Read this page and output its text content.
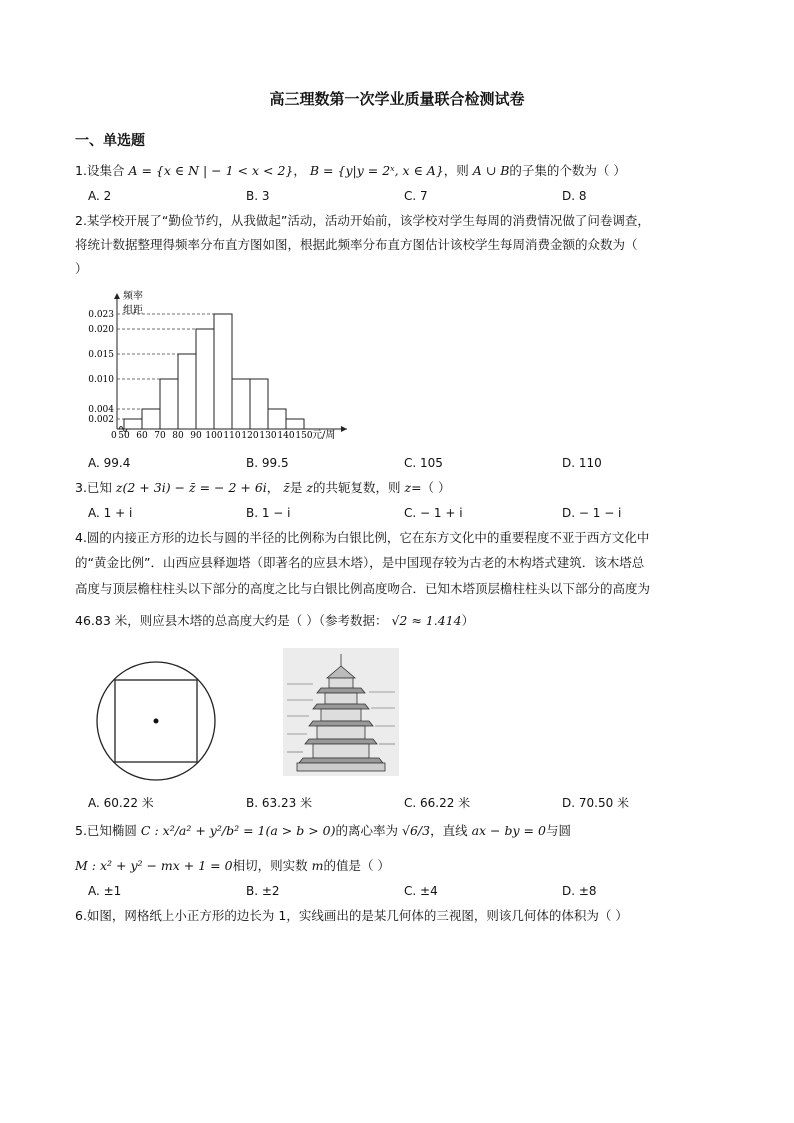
高三理数第一次学业质量联合检测试卷
一、单选题
1.设集合 A = {x ∈ N | − 1 < x < 2}， B = {y|y = 2ˣ, x ∈ A}，则 A ∪ B的子集的个数为（ ）
A. 2	B. 3	C. 7	D. 8
2.某学校开展了“勤俭节约，从我做起”活动，活动开始前，该学校对学生每周的消费情况做了问卷调查，
将统计数据整理得频率分布直方图如图，根据此频率分布直方图估计该校学生每周消费金额的众数为（
）
0.002
0.004
0.010
0.015
0.020
0.023
50 60 70 80 90 100 110 120 130 140 150
频率
组距
元/周
0
A. 99.4	B. 99.5	C. 105	D. 110
3.已知 z(2 + 3i) − z̄ = − 2 + 6i， z̄是 z的共轭复数，则 z=（ ）
A. 1 + i	B. 1 − i	C. − 1 + i	D. − 1 − i
4.圆的内接正方形的边长与圆的半径的比例称为白银比例，它在东方文化中的重要程度不亚于西方文化中
的“黄金比例”．山西应县释迦塔（即著名的应县木塔），是中国现存较为古老的木构塔式建筑．该木塔总
高度与顶层檐柱柱头以下部分的高度之比与白银比例高度吻合．已知木塔顶层檐柱柱头以下部分的高度为
46.83 米，则应县木塔的总高度大约是（ ）（参考数据： √2 ≈ 1.414）
A. 60.22 米	B. 63.23 米	C. 66.22 米	D. 70.50 米
5.已知椭圆 C : x²/a² + y²/b² = 1(a > b > 0)的离心率为 √6/3，直线 ax − by = 0与圆
M : x² + y² − mx + 1 = 0相切，则实数 m的值是（ ）
A. ±1	B. ±2	C. ±4	D. ±8
6.如图，网格纸上小正方形的边长为 1，实线画出的是某几何体的三视图，则该几何体的体积为（ ）
